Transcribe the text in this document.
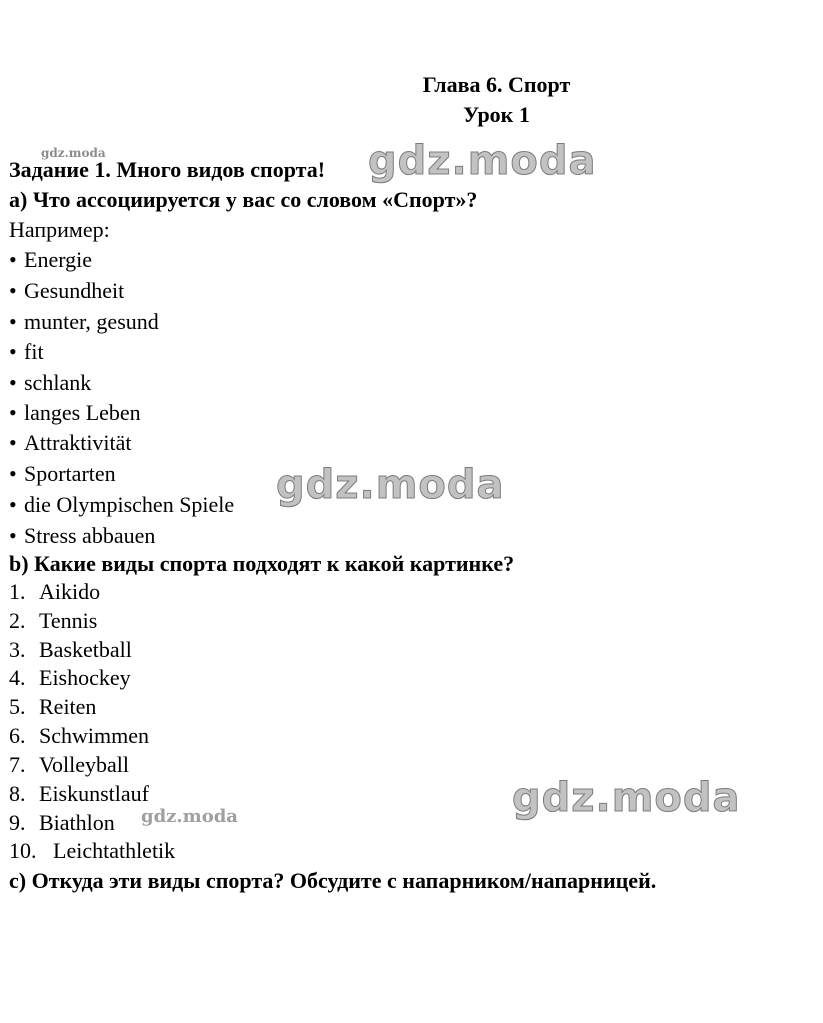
Глава 6. Спорт
Урок 1
Задание 1. Много видов спорта!
a) Что ассоциируется у вас со словом «Спорт»?
Например:
• Energie
• Gesundheit
• munter, gesund
• fit
• schlank
• langes Leben
• Attraktivität
• Sportarten
• die Olympischen Spiele
• Stress abbauen
b) Какие виды спорта подходят к какой картинке?
1. Aikido
2. Tennis
3. Basketball
4. Eishockey
5. Reiten
6. Schwimmen
7. Volleyball
8. Eiskunstlauf
9. Biathlon
10. Leichtathletik
c) Откуда эти виды спорта? Обсудите с напарником/напарницей.
gdz.moda	gdz.moda
gdz.moda
gdz.moda
gdz.moda
